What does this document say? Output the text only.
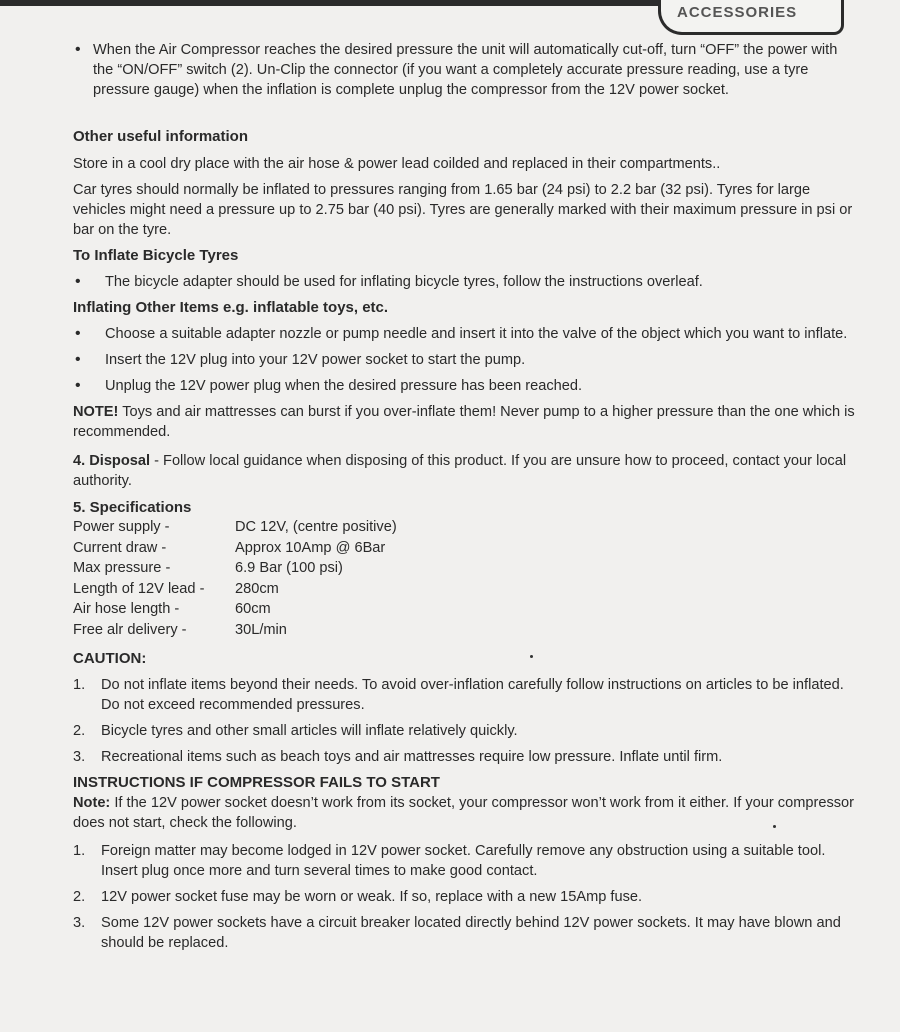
ACCESSORIES

• When the Air Compressor reaches the desired pressure the unit will automatically cut-off, turn “OFF” the power with the “ON/OFF” switch (2). Un-Clip the connector (if you want a completely accurate pressure reading, use a tyre pressure gauge) when the inflation is complete unplug the compressor from the 12V power socket.

Other useful information

Store in a cool dry place with the air hose & power lead coilded and replaced in their compartments..

Car tyres should normally be inflated to pressures ranging from 1.65 bar (24 psi) to 2.2 bar (32 psi). Tyres for large vehicles might need a pressure up to 2.75 bar (40 psi). Tyres are generally marked with their maximum pressure in psi or bar on the tyre.

To Inflate Bicycle Tyres

• The bicycle adapter should be used for inflating bicycle tyres, follow the instructions overleaf.

Inflating Other Items e.g. inflatable toys, etc.

• Choose a suitable adapter nozzle or pump needle and insert it into the valve of the object which you want to inflate.

• Insert the 12V plug into your 12V power socket to start the pump.

• Unplug the 12V power plug when the desired pressure has been reached.

NOTE! Toys and air mattresses can burst if you over-inflate them! Never pump to a higher pressure than the one which is recommended.

4. Disposal - Follow local guidance when disposing of this product. If you are unsure how to proceed, contact your local authority.

5. Specifications

Power supply -	DC 12V, (centre positive)
Current draw -	Approx 10Amp @ 6Bar
Max pressure -	6.9 Bar (100 psi)
Length of 12V lead -	280cm
Air hose length -	60cm
Free alr delivery -	30L/min

CAUTION:

1. Do not inflate items beyond their needs. To avoid over-inflation carefully follow instructions on articles to be inflated. Do not exceed recommended pressures.
2. Bicycle tyres and other small articles will inflate relatively quickly.
3. Recreational items such as beach toys and air mattresses require low pressure. Inflate until firm.

INSTRUCTIONS IF COMPRESSOR FAILS TO START

Note: If the 12V power socket doesn’t work from its socket, your compressor won’t work from it either. If your compressor does not start, check the following.

1. Foreign matter may become lodged in 12V power socket. Carefully remove any obstruction using a suitable tool. Insert plug once more and turn several times to make good contact.
2. 12V power socket fuse may be worn or weak. If so, replace with a new 15Amp fuse.
3. Some 12V power sockets have a circuit breaker located directly behind 12V power sockets. It may have blown and should be replaced.
